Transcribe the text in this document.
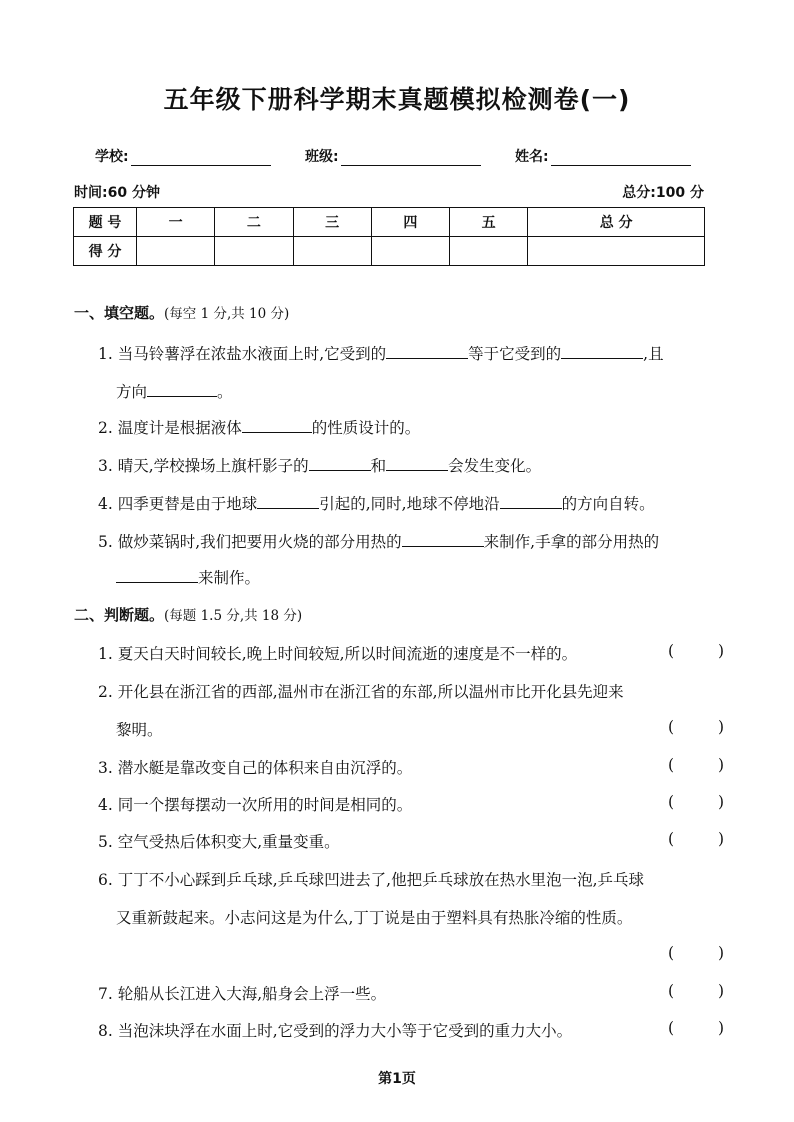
五年级下册科学期末真题模拟检测卷(一)
学校:	班级:	姓名:
时间:60 分钟	总分:100 分
题 号	一	二	三	四	五	总 分
得 分						
一、填空题。(每空 1 分,共 10 分)
1. 当马铃薯浮在浓盐水液面上时,它受到的	等于它受到的	,且
方向	。
2. 温度计是根据液体	的性质设计的。
3. 晴天,学校操场上旗杆影子的	和	会发生变化。
4. 四季更替是由于地球	引起的,同时,地球不停地沿	的方向自转。
5. 做炒菜锅时,我们把要用火烧的部分用热的	来制作,手拿的部分用热的
来制作。
二、判断题。(每题 1.5 分,共 18 分)
1. 夏天白天时间较长,晚上时间较短,所以时间流逝的速度是不一样的。	(	)
2. 开化县在浙江省的西部,温州市在浙江省的东部,所以温州市比开化县先迎来
黎明。	(	)
3. 潜水艇是靠改变自己的体积来自由沉浮的。	(	)
4. 同一个摆每摆动一次所用的时间是相同的。	(	)
5. 空气受热后体积变大,重量变重。	(	)
6. 丁丁不小心踩到乒乓球,乒乓球凹进去了,他把乒乓球放在热水里泡一泡,乒乓球
又重新鼓起来。小志问这是为什么,丁丁说是由于塑料具有热胀冷缩的性质。
(	)
7. 轮船从长江进入大海,船身会上浮一些。	(	)
8. 当泡沫块浮在水面上时,它受到的浮力大小等于它受到的重力大小。	(	)
第1页
